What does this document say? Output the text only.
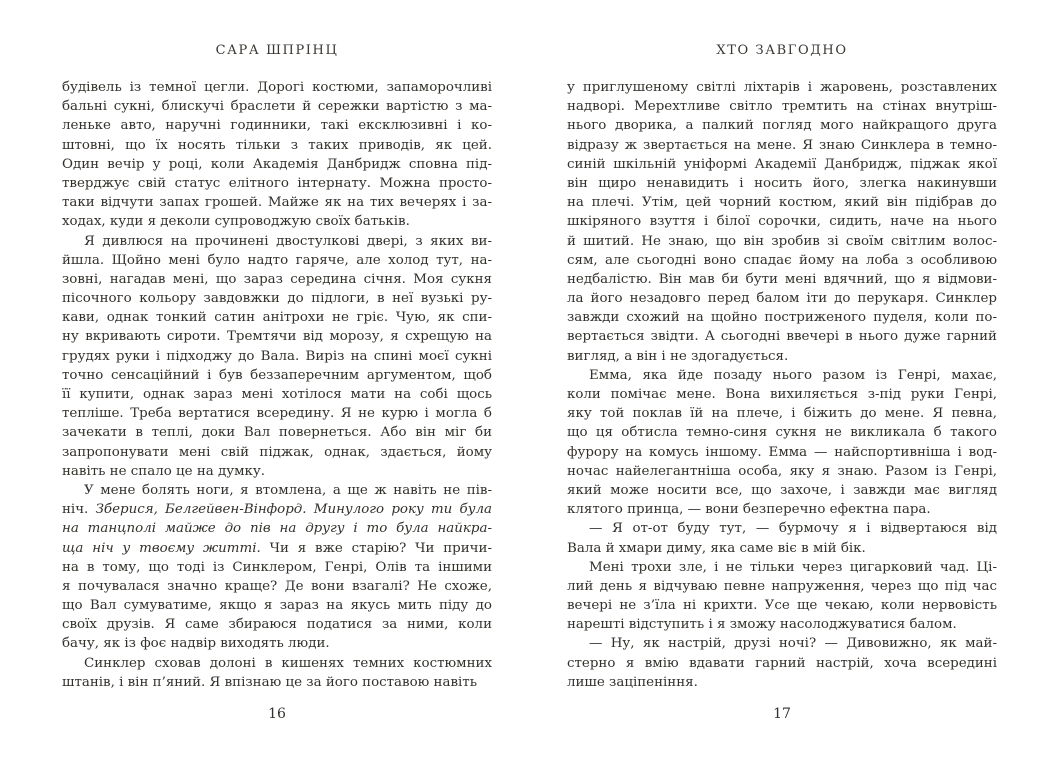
САРА ШПРІНЦ
будівель із темної цегли. Дорогі костюми, запаморочливі
бальні сукні, блискучі браслети й сережки вартістю з ма-
леньке авто, наручні годинники, такі ексклюзивні і ко-
штовні, що їх носять тільки з таких приводів, як цей.
Один вечір у році, коли Академія Данбридж сповна під-
тверджує свій статус елітного інтернату. Можна просто-
таки відчути запах грошей. Майже як на тих вечерях і за-
ходах, куди я деколи супроводжую своїх батьків.
Я дивлюся на прочинені двостулкові двері, з яких ви-
йшла. Щойно мені було надто гаряче, але холод тут, на-
зовні, нагадав мені, що зараз середина січня. Моя сукня
пісочного кольору завдовжки до підлоги, в неї вузькі ру-
кави, однак тонкий сатин анітрохи не гріє. Чую, як спи-
ну вкривають сироти. Тремтячи від морозу, я схрещую на
грудях руки і підходжу до Вала. Виріз на спині моєї сукні
точно сенсаційний і був беззаперечним аргументом, щоб
її купити, однак зараз мені хотілося мати на собі щось
тепліше. Треба вертатися всередину. Я не курю і могла б
зачекати в теплі, доки Вал повернеться. Або він міг би
запропонувати мені свій піджак, однак, здається, йому
навіть не спало це на думку.
У мене болять ноги, я втомлена, а ще ж навіть не пів-
ніч. Зберися, Белгейвен-Вінфорд. Минулого року ти була
на танцполі майже до пів на другу і то була найкра-
ща ніч у твоєму житті. Чи я вже старію? Чи причи-
на в тому, що тоді із Синклером, Генрі, Олів та іншими
я почувалася значно краще? Де вони взагалі? Не схоже,
що Вал сумуватиме, якщо я зараз на якусь мить піду до
своїх друзів. Я саме збираюся податися за ними, коли
бачу, як із фоє надвір виходять люди.
Синклер сховав долоні в кишенях темних костюмних
штанів, і він п’яний. Я впізнаю це за його поставою навіть
16
ХТО ЗАВГОДНО
у приглушеному світлі ліхтарів і жаровень, розставлених
надворі. Мерехтливе світло тремтить на стінах внутріш-
нього дворика, а палкий погляд мого найкращого друга
відразу ж звертається на мене. Я знаю Синклера в темно-
синій шкільній уніформі Академії Данбридж, піджак якої
він щиро ненавидить і носить його, злегка накинувши
на плечі. Утім, цей чорний костюм, який він підібрав до
шкіряного взуття і білої сорочки, сидить, наче на нього
й шитий. Не знаю, що він зробив зі своїм світлим волос-
сям, але сьогодні воно спадає йому на лоба з особливою
недбалістю. Він мав би бути мені вдячний, що я відмови-
ла його незадовго перед балом іти до перукаря. Синклер
завжди схожий на щойно постриженого пуделя, коли по-
вертається звідти. А сьогодні ввечері в нього дуже гарний
вигляд, а він і не здогадується.
Емма, яка йде позаду нього разом із Генрі, махає,
коли помічає мене. Вона вихиляється з-під руки Генрі,
яку той поклав їй на плече, і біжить до мене. Я певна,
що ця обтисла темно-синя сукня не викликала б такого
фурору на комусь іншому. Емма — найспортивніша і вод-
ночас найелегантніша особа, яку я знаю. Разом із Генрі,
який може носити все, що захоче, і завжди має вигляд
клятого принца, — вони безперечно ефектна пара.
— Я от-от буду тут, — бурмочу я і відвертаюся від
Вала й хмари диму, яка саме віє в мій бік.
Мені трохи зле, і не тільки через цигарковий чад. Ці-
лий день я відчуваю певне напруження, через що під час
вечері не з’їла ні крихти. Усе ще чекаю, коли нервовість
нарешті відступить і я зможу насолоджуватися балом.
— Ну, як настрій, друзі ночі? — Дивовижно, як май-
стерно я вмію вдавати гарний настрій, хоча всередині
лише заціпеніння.
17
